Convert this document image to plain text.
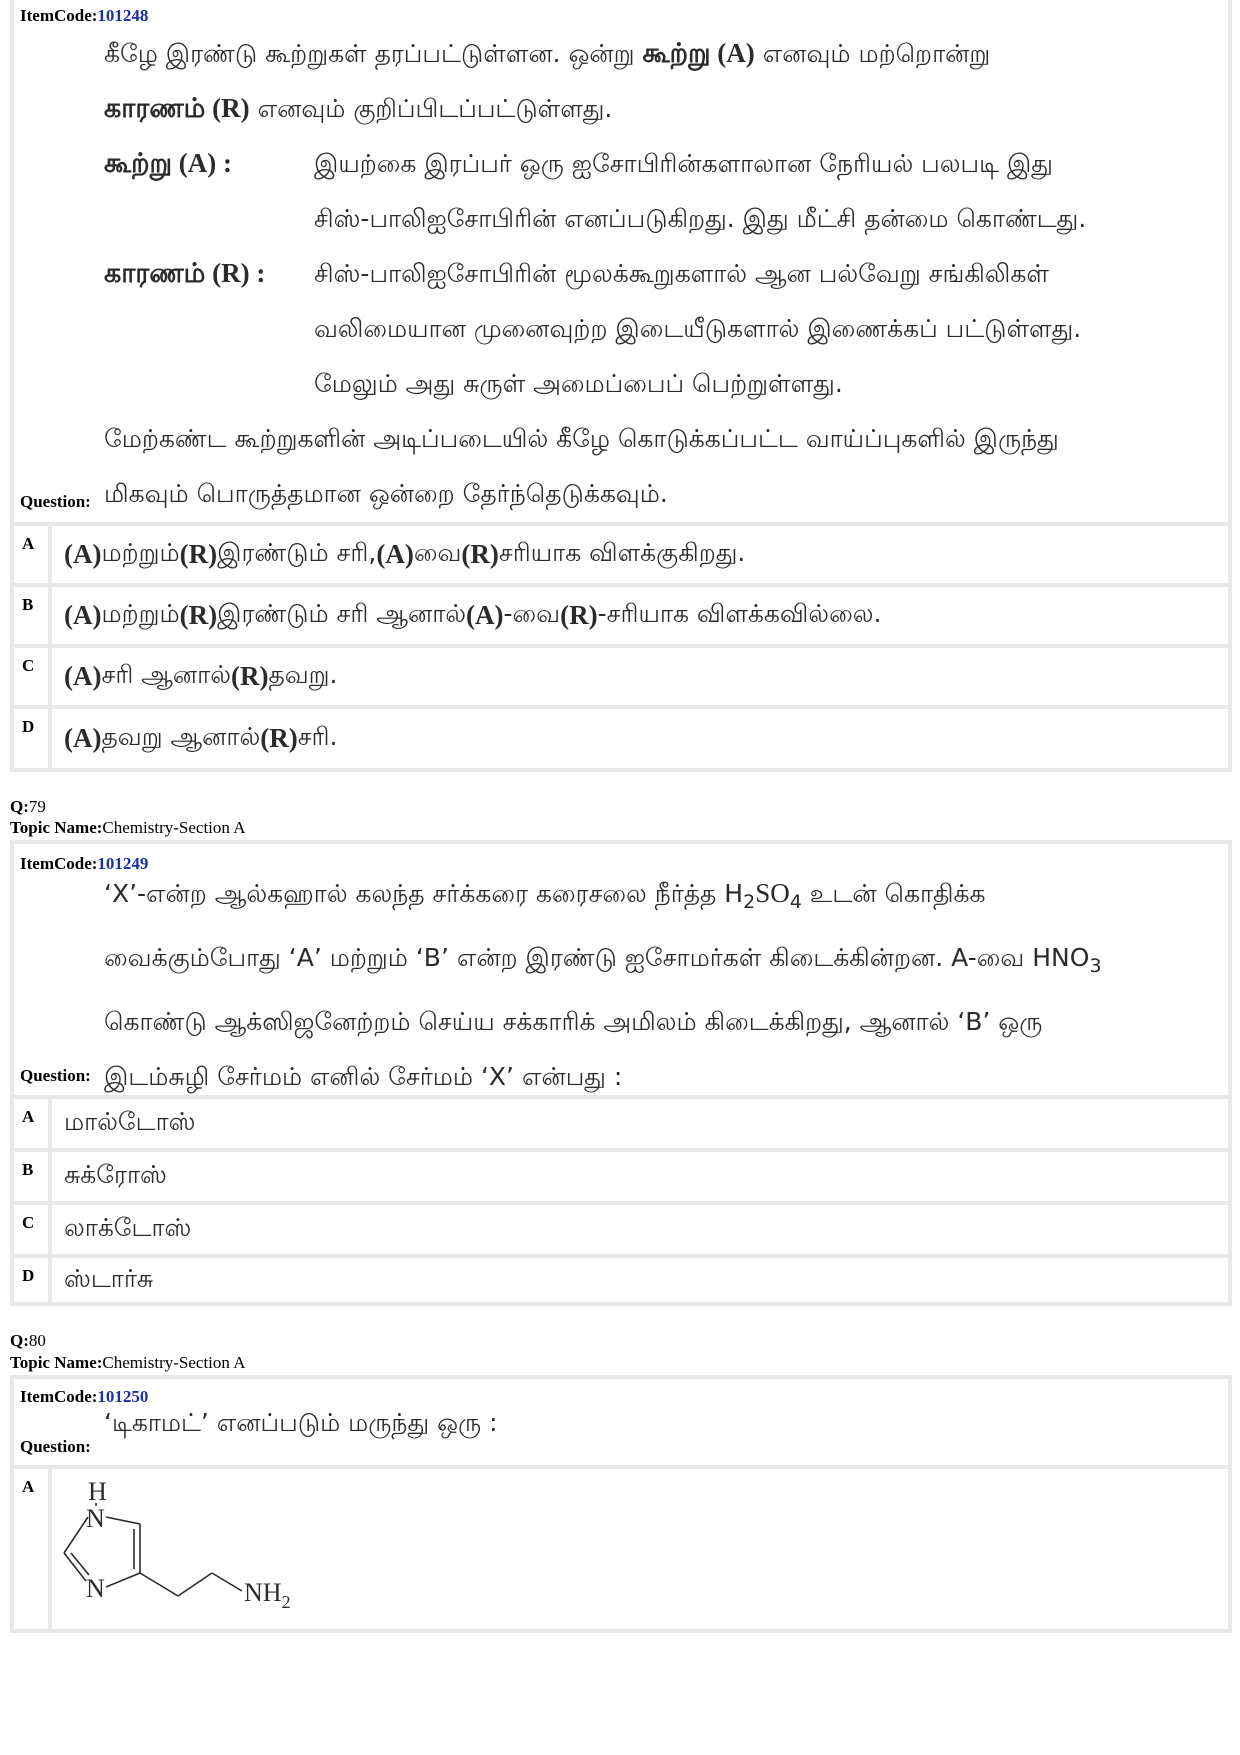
ItemCode:101248
கீழே இரண்டு கூற்றுகள் தரப்பட்டுள்ளன. ஒன்று கூற்று (A) எனவும் மற்றொன்று
காரணம் (R) எனவும் குறிப்பிடப்பட்டுள்ளது.
கூற்று (A) :	இயற்கை இரப்பர் ஒரு ஐசோபிரின்களாலான நேரியல் பலபடி இது
சிஸ்-பாலிஐசோபிரின் எனப்படுகிறது. இது மீட்சி தன்மை கொண்டது.
காரணம் (R) : சிஸ்-பாலிஐசோபிரின் மூலக்கூறுகளால் ஆன பல்வேறு சங்கிலிகள்
வலிமையான முனைவுற்ற இடையீடுகளால் இணைக்கப் பட்டுள்ளது.
மேலும் அது சுருள் அமைப்பைப் பெற்றுள்ளது.
மேற்கண்ட கூற்றுகளின் அடிப்படையில் கீழே கொடுக்கப்பட்ட வாய்ப்புகளில் இருந்து
மிகவும் பொருத்தமான ஒன்றை தேர்ந்தெடுக்கவும்.
Question:
A	(A) மற்றும் (R) இரண்டும் சரி, (A) வை (R) சரியாக விளக்குகிறது.
B	(A) மற்றும் (R) இரண்டும் சரி ஆனால் (A) -வை (R) -சரியாக விளக்கவில்லை.
C	(A) சரி ஆனால் (R) தவறு.
D	(A) தவறு ஆனால் (R) சரி.
Q:79
Topic Name:Chemistry-Section A
ItemCode:101249
‘X’-என்ற ஆல்கஹால் கலந்த சர்க்கரை கரைசலை நீர்த்த $H_2SO_4$ உடன் கொதிக்க
வைக்கும்போது ‘A’ மற்றும் ‘B’ என்ற இரண்டு ஐசோமர்கள் கிடைக்கின்றன. A-வை $HNO_3$
கொண்டு ஆக்ஸிஜனேற்றம் செய்ய சக்காரிக் அமிலம் கிடைக்கிறது, ஆனால் ‘B’ ஒரு
இடம்சுழி சேர்மம் எனில் சேர்மம் ‘X’ என்பது :
Question:
A	மால்டோஸ்
B	சுக்ரோஸ்
C	லாக்டோஸ்
D	ஸ்டார்சு
Q:80
Topic Name:Chemistry-Section A
ItemCode:101250
‘டிகாமட்’ எனப்படும் மருந்து ஒரு :
Question:
A	H
N
N	$NH_2$
